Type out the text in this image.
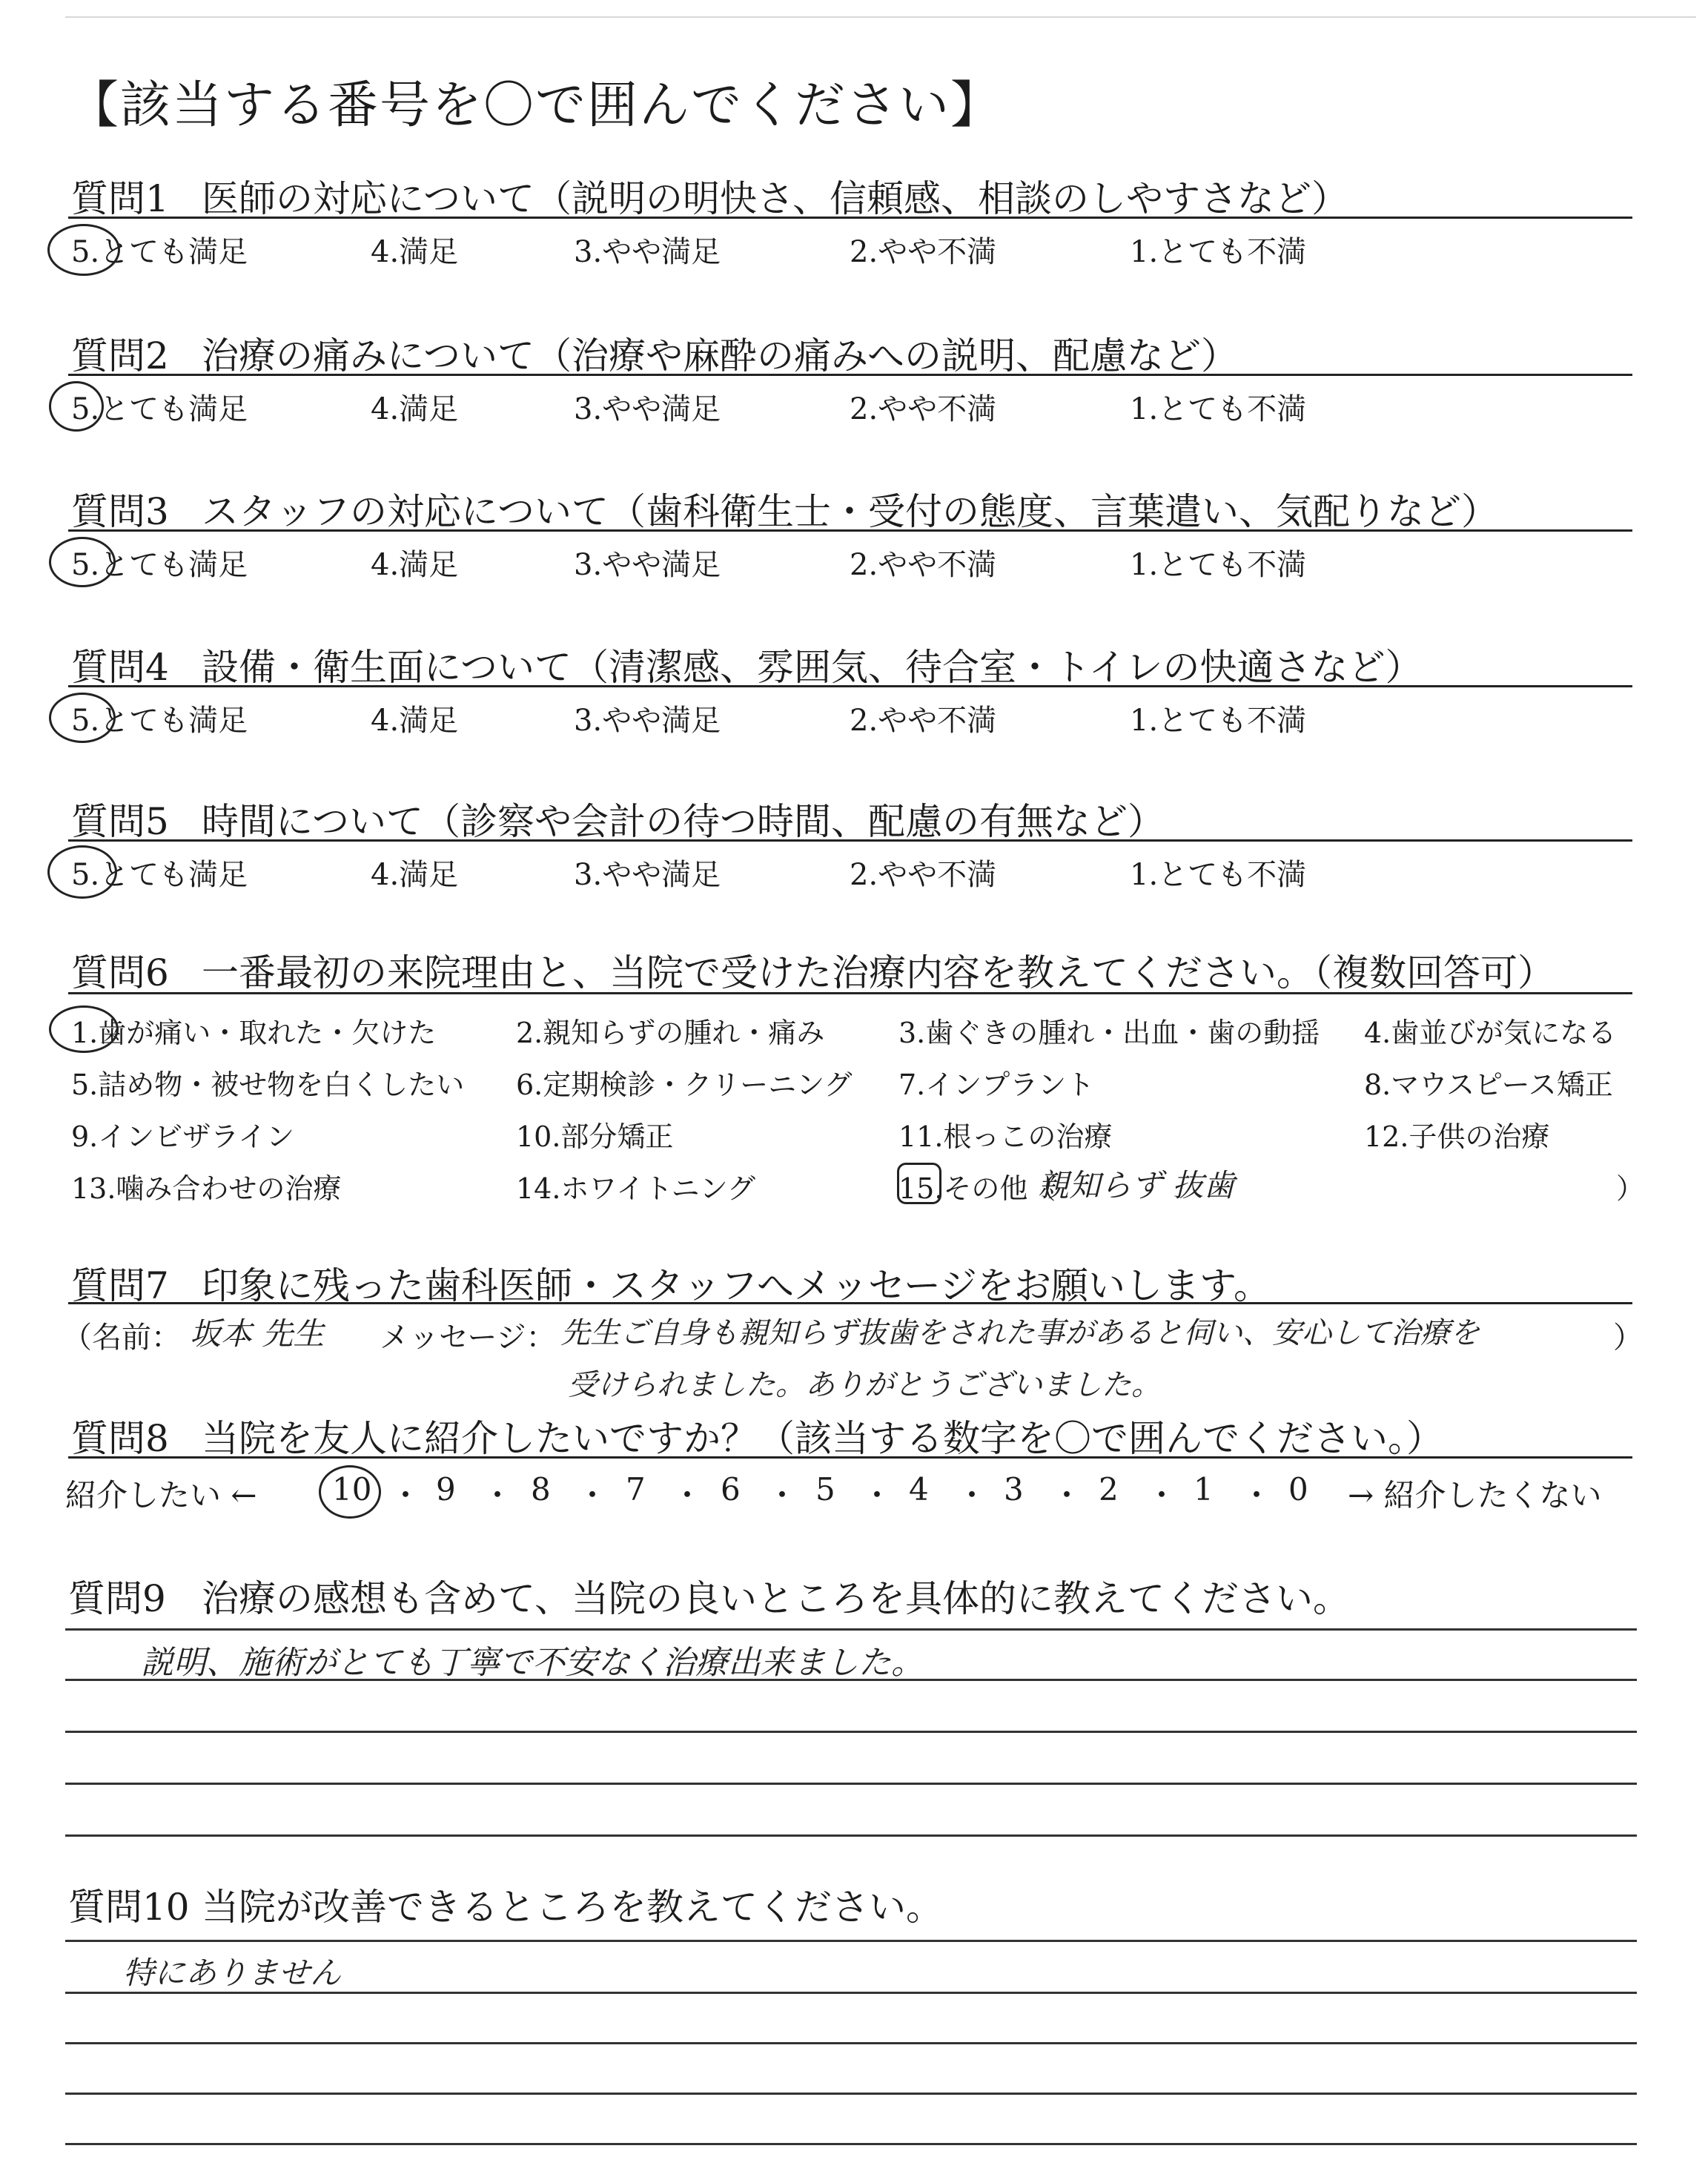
【該当する番号を〇で囲んでください】
質問1 医師の対応について（説明の明快さ、信頼感、相談のしやすさなど）
5.とても満足	4.満足	3.やや満足	2.やや不満	1.とても不満
質問2 治療の痛みについて（治療や麻酔の痛みへの説明、配慮など）
5.とても満足	4.満足	3.やや満足	2.やや不満	1.とても不満
質問3 スタッフの対応について（歯科衛生士・受付の態度、言葉遣い、気配りなど）
5.とても満足	4.満足	3.やや満足	2.やや不満	1.とても不満
質問4 設備・衛生面について（清潔感、雰囲気、待合室・トイレの快適さなど）
5.とても満足	4.満足	3.やや満足	2.やや不満	1.とても不満
質問5 時間について（診察や会計の待つ時間、配慮の有無など）
5.とても満足	4.満足	3.やや満足	2.やや不満	1.とても不満
質問6 一番最初の来院理由と、当院で受けた治療内容を教えてください。（複数回答可）
1.歯が痛い・取れた・欠けた	2.親知らずの腫れ・痛み	3.歯ぐきの腫れ・出血・歯の動揺 4.歯並びが気になる
5.詰め物・被せ物を白くしたい 6.定期検診・クリーニング 7.インプラント	8.マウスピース矯正
9.インビザライン	10.部分矯正	11.根っこの治療	12.子供の治療
13.噛み合わせの治療	14.ホワイトニング	15.その他（
親知らず 抜歯	）
質問7 印象に残った歯科医師・スタッフへメッセージをお願いします。
（名前： 坂本 先生 メッセージ： 先生ご自身も親知らず抜歯をされた事があると伺い、安心して治療を	）
受けられました。ありがとうございました。
質問8 当院を友人に紹介したいですか？（該当する数字を〇で囲んでください。）
紹介したい ← 10 ・ 9 ・ 8 ・ 7 ・ 6 ・ 5 ・ 4 ・ 3 ・ 2 ・ 1 ・ 0 → 紹介したくない
質問9 治療の感想も含めて、当院の良いところを具体的に教えてください。
説明、施術がとても丁寧で不安なく治療出来ました。
質問10 当院が改善できるところを教えてください。
特にありません
